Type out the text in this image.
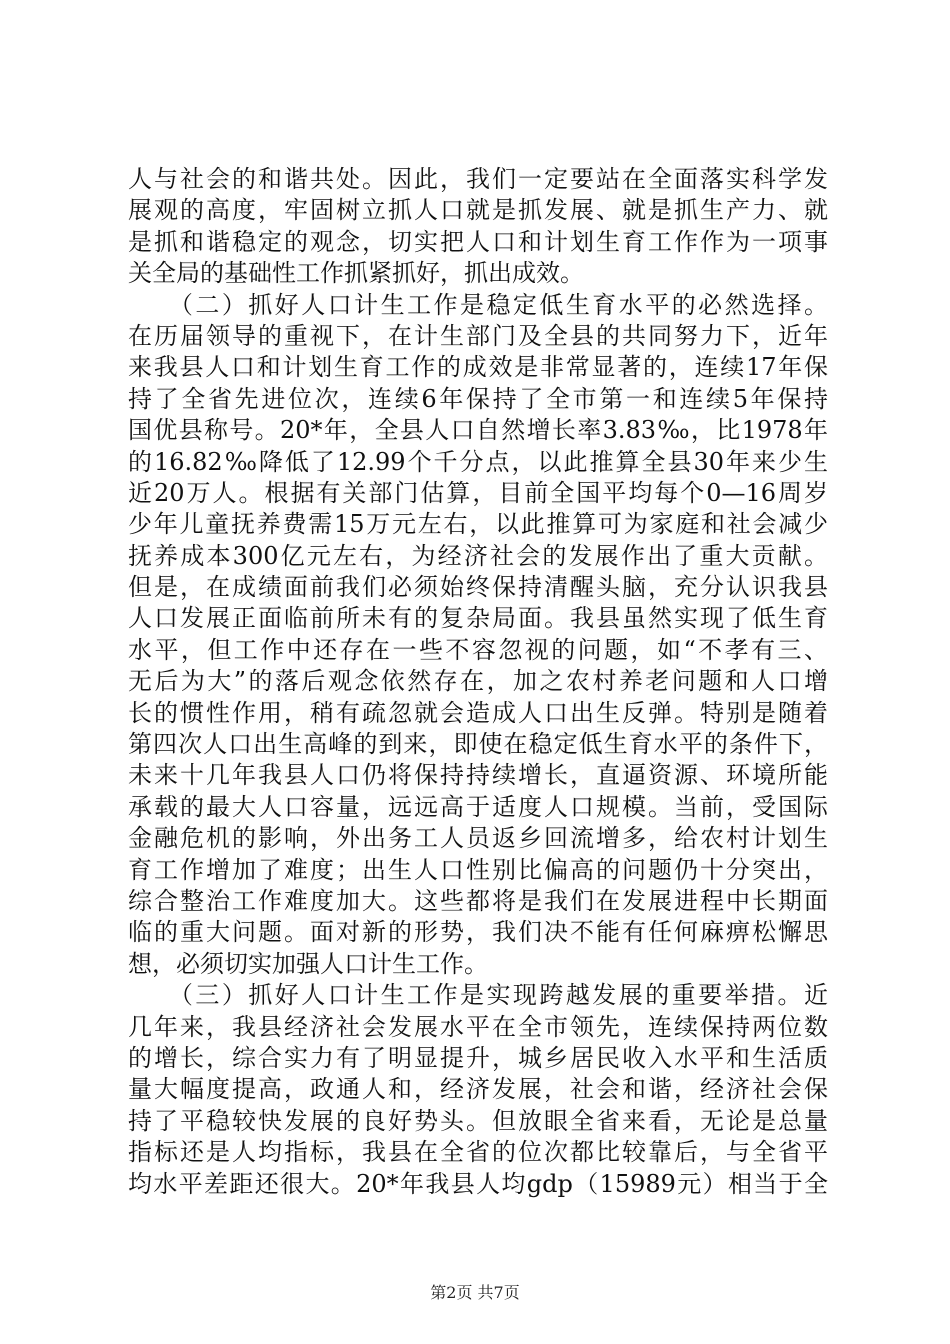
人与社会的和谐共处。因此，我们一定要站在全面落实科学发
展观的高度，牢固树立抓人口就是抓发展、就是抓生产力、就
是抓和谐稳定的观念，切实把人口和计划生育工作作为一项事
关全局的基础性工作抓紧抓好，抓出成效。
　　（二）抓好人口计生工作是稳定低生育水平的必然选择。
在历届领导的重视下，在计生部门及全县的共同努力下，近年
来我县人口和计划生育工作的成效是非常显著的，连续17年保
持了全省先进位次，连续6年保持了全市第一和连续5年保持
国优县称号。20*年，全县人口自然增长率3.83‰，比1978年
的16.82‰降低了12.99个千分点，以此推算全县30年来少生
近20万人。根据有关部门估算，目前全国平均每个0—16周岁
少年儿童抚养费需15万元左右，以此推算可为家庭和社会减少
抚养成本300亿元左右，为经济社会的发展作出了重大贡献。
但是，在成绩面前我们必须始终保持清醒头脑，充分认识我县
人口发展正面临前所未有的复杂局面。我县虽然实现了低生育
水平，但工作中还存在一些不容忽视的问题，如“不孝有三、
无后为大”的落后观念依然存在，加之农村养老问题和人口增
长的惯性作用，稍有疏忽就会造成人口出生反弹。特别是随着
第四次人口出生高峰的到来，即使在稳定低生育水平的条件下，
未来十几年我县人口仍将保持持续增长，直逼资源、环境所能
承载的最大人口容量，远远高于适度人口规模。当前，受国际
金融危机的影响，外出务工人员返乡回流增多，给农村计划生
育工作增加了难度；出生人口性别比偏高的问题仍十分突出，
综合整治工作难度加大。这些都将是我们在发展进程中长期面
临的重大问题。面对新的形势，我们决不能有任何麻痹松懈思
想，必须切实加强人口计生工作。
　　（三）抓好人口计生工作是实现跨越发展的重要举措。近
几年来，我县经济社会发展水平在全市领先，连续保持两位数
的增长，综合实力有了明显提升，城乡居民收入水平和生活质
量大幅度提高，政通人和，经济发展，社会和谐，经济社会保
持了平稳较快发展的良好势头。但放眼全省来看，无论是总量
指标还是人均指标，我县在全省的位次都比较靠后，与全省平
均水平差距还很大。20*年我县人均gdp（15989元）相当于全
第2页 共7页
